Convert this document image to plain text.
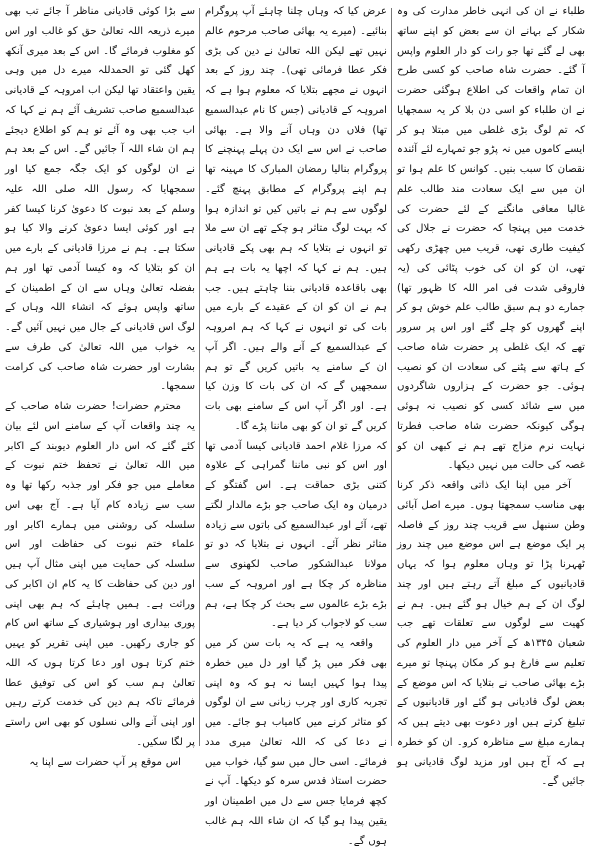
طلباء نے ان کی انہی خاطر مدارت کی وہ شکار کے بہانے ان سے بعض کو اپنے ساتھ بھی لے گئے تھا جو رات کو دار العلوم واپس آ گئے۔ حضرت شاہ صاحب کو کسی طرح ان تمام واقعات کی اطلاع ہوگئی حضرت نے ان طلباء کو اسی دن بلا کر یہ سمجھایا کہ تم لوگ بڑی غلطی میں مبتلا ہو کر ایسے کاموں میں نہ پڑو جو تمہارے لئے آئندہ نقصان کا سبب بنیں۔ کوانس کا علم ہوا تو ان میں سے ایک سعادت مند طالب علم غالبا معافی مانگنے کے لئے حضرت کی خدمت میں پہنچا کہ حضرت نے جلال کی کیفیت طاری تھی، قریب میں چھڑی رکھی تھی، ان کو ان کی خوب پٹائی کی (یہ فاروقی شدت فی امر اللہ کا ظہور تھا) جمارے دو ہم سبق طالب علم خوش ہو کر اپنے گھروں کو چلے گئے اور اس پر سرور تھے کہ ایک غلطی پر حضرت شاہ صاحب کے ہاتھ سے پٹنے کی سعادت ان کو نصیب ہوئی۔ جو حضرت کے ہزاروں شاگردوں میں سے شائد کسی کو نصیب نہ ہوئی ہوگی کیونکہ حضرت شاہ صاحب فطرتا نہایت نرم مزاج تھے ہم نے کبھی ان کو غصہ کی حالت میں نہیں دیکھا۔

آخر میں اپنا ایک ذاتی واقعہ ذکر کرنا بھی مناسب سمجھتا ہوں۔ میرے اصل آبائی وطن سنبھل سے قریب چند روز کے فاصلہ پر ایک موضع ہے اس موضع میں چند روز ٹھہرنا پڑا تو وہاں معلوم ہوا کہ یہاں قادیانیوں کے مبلغ آتے رہتے ہیں اور چند لوگ ان کے ہم خیال ہو گئے ہیں۔ ہم نے کھیت سے لوگوں سے تعلقات تھے جب شعبان ۱۳۴۵ھ کے آخر میں دار العلوم کی تعلیم سے فارغ ہو کر مکان پہنچا تو میرے بڑے بھائی صاحب نے بتلایا کہ اس موضع کے بعض لوگ قادیانی ہو گئے اور قادیانیوں کے تبلیغ کرتے ہیں اور دعوت بھی دیتے ہیں کہ ہمارے مبلغ سے مناظرہ کرو۔ ان کو خطرہ ہے کہ آج ہیں اور مزید لوگ قادیانی ہو جائیں گے۔

عرض کیا کہ وہاں چلنا چاہئے آپ پروگرام بنائیے۔ (میرے یہ بھائی صاحب مرحوم عالم نہیں تھے لیکن اللہ تعالیٰ نے دین کی بڑی فکر عطا فرمائی تھی)۔ چند روز کے بعد انہوں نے مجھے بتلایا کہ معلوم ہوا ہے کہ امروہہ کے قادیانی (جس کا نام عبدالسمیع تھا) فلاں دن وہاں آنے والا ہے۔ بھائی صاحب نے اس سے ایک دن پہلے پہنچنے کا پروگرام بنالیا رمضان المبارک کا مہینہ تھا ہم اپنے پروگرام کے مطابق پہنچ گئے۔ لوگوں سے ہم نے باتیں کیں تو اندازہ ہوا کہ بہت لوگ متاثر ہو چکے تھے ان سے ملا تو انہوں نے بتلایا کہ ہم بھی پکے قادیانی ہیں۔ ہم نے کہا کہ اچھا یہ بات ہے ہم بھی باقاعدہ قادیانی بننا چاہتے ہیں۔ جب ہم نے ان کو ان کے عقیدے کے بارے میں بات کی تو انہوں نے کہا کہ ہم امروہہ کے عبدالسمیع کے آنے والے ہیں۔ اگر آپ ان کے سامنے یہ باتیں کریں گے تو ہم سمجھیں گے کہ ان کی بات کا وزن کیا ہے۔ اور اگر آپ اس کے سامنے بھی بات کریں گے تو ان کو بھی ماننا پڑے گا۔

کہ مرزا غلام احمد قادیانی کیسا آدمی تھا اور اس کو نبی ماننا گمراہی کے علاوہ کتنی بڑی حماقت ہے۔ اس گفتگو کے درمیان وہ ایک صاحب جو بڑے مالدار لگتے تھے، آئے اور عبدالسمیع کی باتوں سے زیادہ متاثر نظر آئے۔ انہوں نے بتلایا کہ دو تو مولانا عبدالشکور صاحب لکھنوی سے مناظرہ کر چکا ہے اور امروہہ کے سب بڑے بڑے عالموں سے بحث کر چکا ہے، ہم سب کو لاجواب کر دیا ہے۔

واقعہ یہ ہے کہ یہ بات سن کر میں بھی فکر میں پڑ گیا اور دل میں خطرہ پیدا ہوا کہیں ایسا نہ ہو کہ وہ اپنی تجربہ کاری اور چرب زبانی سے ان لوگوں کو متاثر کرنے میں کامیاب ہو جائے۔ میں نے دعا کی کہ اللہ تعالیٰ میری مدد فرمائے۔ اسی حال میں سو گیا، خواب میں حضرت استاذ قدس سرہ کو دیکھا۔ آپ نے کچھ فرمایا جس سے دل میں اطمینان اور یقین پیدا ہو گیا کہ ان شاء اللہ ہم غالب ہوں گے۔

سے بڑا کوئی قادیانی مناظر آ جائے تب بھی میرے ذریعہ اللہ تعالیٰ حق کو غالب اور اس کو مغلوب فرمائے گا۔ اس کے بعد میری آنکھ کھل گئی تو الحمدللہ میرے دل میں وہی یقین واعتقاد تھا لیکن اب امروہہ کے قادیانی عبدالسمیع صاحب تشریف آئے ہم نے کہا کہ اب جب بھی وہ آئے تو ہم کو اطلاع دیجئے ہم ان شاء اللہ آ جائیں گے۔ اس کے بعد ہم نے ان لوگوں کو ایک جگہ جمع کیا اور سمجھایا کہ رسول اللہ صلی اللہ علیہ وسلم کے بعد نبوت کا دعویٰ کرنا کیسا کفر ہے اور کوئی ایسا دعویٰ کرنے والا کیا ہو سکتا ہے۔ ہم نے مرزا قادیانی کے بارے میں ان کو بتلایا کہ وہ کیسا آدمی تھا اور ہم بفضلہ تعالیٰ وہاں سے ان کے اطمینان کے ساتھ واپس ہوئے کہ انشاء اللہ وہاں کے لوگ اس قادیانی کے جال میں نہیں آئیں گے۔ یہ خواب میں اللہ تعالیٰ کی طرف سے بشارت اور حضرت شاہ صاحب کی کرامت سمجھا۔

محترم حضرات! حضرت شاہ صاحب کے یہ چند واقعات آپ کے سامنے اس لئے بیان کئے گئے کہ اس دار العلوم دیوبند کے اکابر میں اللہ تعالیٰ نے تحفظ ختم نبوت کے معاملے میں جو فکر اور جذبہ رکھا تھا وہ سب سے زیادہ کام آیا ہے۔ آج بھی اس سلسلہ کی روشنی میں ہمارے اکابر اور علماء ختم نبوت کی حفاظت اور اس سلسلہ کی حمایت میں اپنی مثال آپ ہیں اور دین کی حفاظت کا یہ کام ان اکابر کی وراثت ہے۔ ہمیں چاہئے کہ ہم بھی اپنی پوری بیداری اور ہوشیاری کے ساتھ اس کام کو جاری رکھیں۔ میں اپنی تقریر کو یہیں ختم کرتا ہوں اور دعا کرتا ہوں کہ اللہ تعالیٰ ہم سب کو اس کی توفیق عطا فرمائے تاکہ ہم دین کی خدمت کرتے رہیں اور اپنی آنے والی نسلوں کو بھی اس راستے پر لگا سکیں۔

اس موقع پر آپ حضرات سے اپنا یہ
